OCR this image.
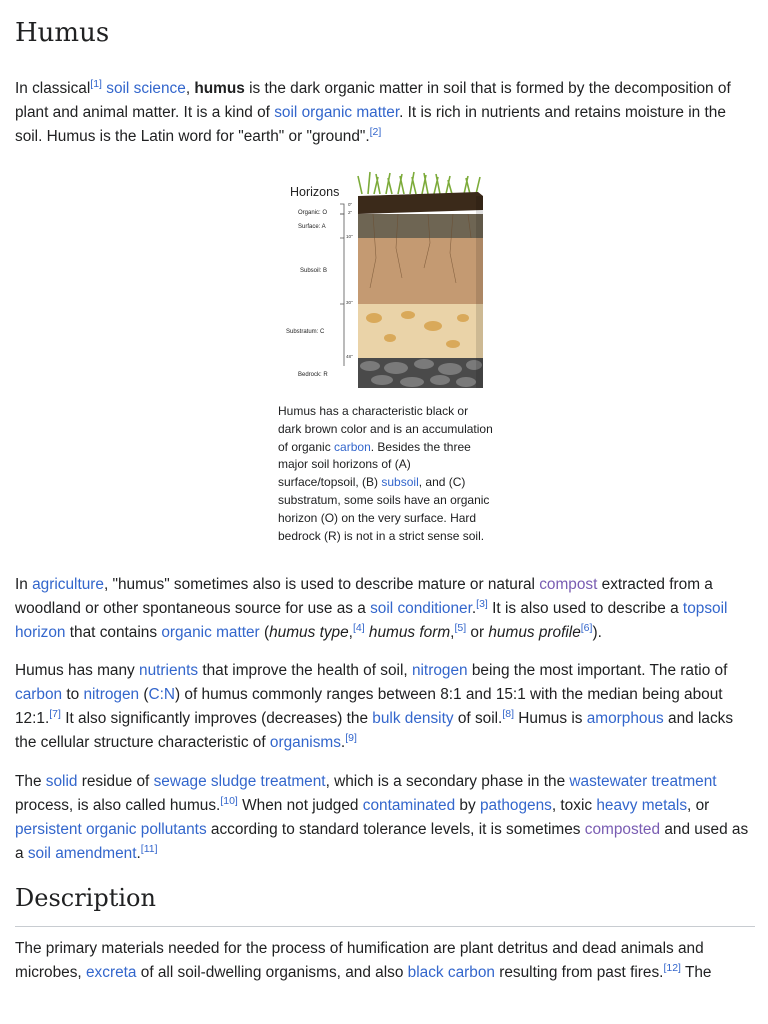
Humus

In classical[1] soil science, humus is the dark organic matter in soil that is formed by the decomposition of plant and animal matter. It is a kind of soil organic matter. It is rich in nutrients and retains moisture in the soil. Humus is the Latin word for "earth" or "ground".[2]

Horizons
Organic: O
Surface: A
Subsoil: B
Substratum: C
Bedrock: R
0"
2"
10"
30"
48"
Humus has a characteristic black or dark brown color and is an accumulation of organic carbon. Besides the three major soil horizons of (A) surface/topsoil, (B) subsoil, and (C) substratum, some soils have an organic horizon (O) on the very surface. Hard bedrock (R) is not in a strict sense soil.

In agriculture, "humus" sometimes also is used to describe mature or natural compost extracted from a woodland or other spontaneous source for use as a soil conditioner.[3] It is also used to describe a topsoil horizon that contains organic matter (humus type,[4] humus form,[5] or humus profile[6]).

Humus has many nutrients that improve the health of soil, nitrogen being the most important. The ratio of carbon to nitrogen (C:N) of humus commonly ranges between 8:1 and 15:1 with the median being about 12:1.[7] It also significantly improves (decreases) the bulk density of soil.[8] Humus is amorphous and lacks the cellular structure characteristic of organisms.[9]

The solid residue of sewage sludge treatment, which is a secondary phase in the wastewater treatment process, is also called humus.[10] When not judged contaminated by pathogens, toxic heavy metals, or persistent organic pollutants according to standard tolerance levels, it is sometimes composted and used as a soil amendment.[11]

Description

The primary materials needed for the process of humification are plant detritus and dead animals and microbes, excreta of all soil-dwelling organisms, and also black carbon resulting from past fires.[12] The
